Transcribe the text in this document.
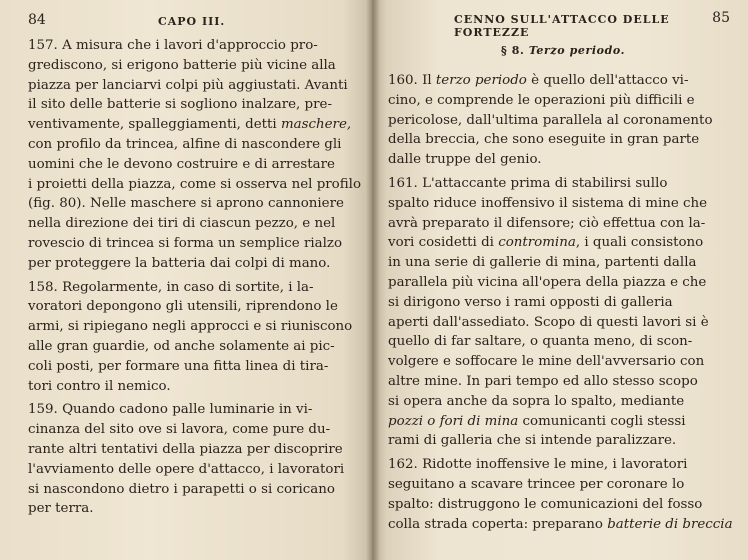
84	CAPO III.

157. A misura che i lavori d'approccio pro-
grediscono, si erigono batterie più vicine alla
piazza per lanciarvi colpi più aggiustati. Avanti
il sito delle batterie si sogliono inalzare, pre-
ventivamente, spalleggiamenti, detti maschere,
con profilo da trincea, alfine di nascondere gli
uomini che le devono costruire e di arrestare
i proietti della piazza, come si osserva nel profilo
(fig. 80). Nelle maschere si aprono cannoniere
nella direzione dei tiri di ciascun pezzo, e nel
rovescio di trincea si forma un semplice rialzo
per proteggere la batteria dai colpi di mano.

158. Regolarmente, in caso di sortite, i la-
voratori depongono gli utensili, riprendono le
armi, si ripiegano negli approcci e si riuniscono
alle gran guardie, od anche solamente ai pic-
coli posti, per formare una fitta linea di tira-
tori contro il nemico.

159. Quando cadono palle luminarie in vi-
cinanza del sito ove si lavora, come pure du-
rante altri tentativi della piazza per discoprire
l'avviamento delle opere d'attacco, i lavoratori
si nascondono dietro i parapetti o si coricano
per terra.

CENNO SULL'ATTACCO DELLE FORTEZZE
85
§ 8. Terzo periodo.

160. Il terzo periodo è quello dell'attacco vi-
cino, e comprende le operazioni più difficili e
pericolose, dall'ultima parallela al coronamento
della breccia, che sono eseguite in gran parte
dalle truppe del genio.

161. L'attaccante prima di stabilirsi sullo
spalto riduce inoffensivo il sistema di mine che
avrà preparato il difensore; ciò effettua con la-
vori cosidetti di contromina, i quali consistono
in una serie di gallerie di mina, partenti dalla
parallela più vicina all'opera della piazza e che
si dirigono verso i rami opposti di galleria
aperti dall'assediato. Scopo di questi lavori si è
quello di far saltare, o quanta meno, di scon-
volgere e soffocare le mine dell'avversario con
altre mine. In pari tempo ed allo stesso scopo
si opera anche da sopra lo spalto, mediante
pozzi o fori di mina comunicanti cogli stessi
rami di galleria che si intende paralizzare.

162. Ridotte inoffensive le mine, i lavoratori
seguitano a scavare trincee per coronare lo
spalto: distruggono le comunicazioni del fosso
colla strada coperta: preparano batterie di breccia
